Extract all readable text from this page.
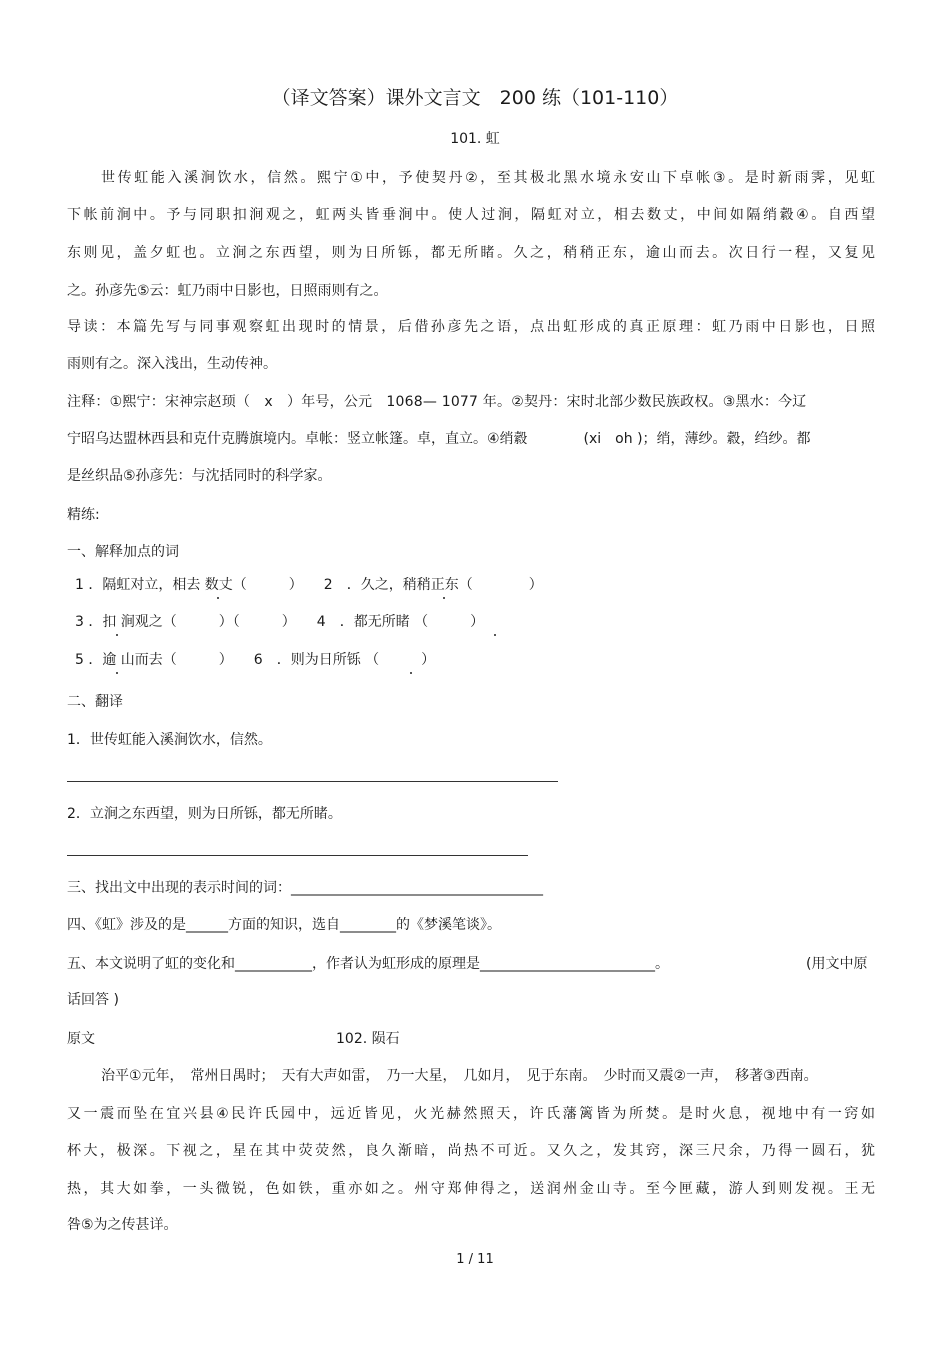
（译文答案）课外文言文　200 练（101-110）
101. 虹
世传虹能入溪涧饮水，信然。熙宁①中，予使契丹②，至其极北黑水境永安山下卓帐③。是时新雨霁，见虹
下帐前涧中。予与同职扣涧观之，虹两头皆垂涧中。使人过涧，隔虹对立，相去数丈，中间如隔绡縠④。自西望
东则见，盖夕虹也。立涧之东西望，则为日所铄，都无所睹。久之，稍稍正东，逾山而去。次日行一程，又复见
之。孙彦先⑤云：虹乃雨中日影也，日照雨则有之。
导读：本篇先写与同事观察虹出现时的情景，后借孙彦先之语，点出虹形成的真正原理：虹乃雨中日影也，日照
雨则有之。深入浅出，生动传神。
注释：①熙宁：宋神宗赵顼（　x　）年号，公元　1068— 1077 年。②契丹：宋时北部少数民族政权。③黑水：今辽
宁昭乌达盟林西县和克什克腾旗境内。卓帐：竖立帐篷。卓，直立。④绡縠　　　　(xi　oh )；绡，薄纱。縠，绉纱。都
是丝织品⑤孙彦先：与沈括同时的科学家。
精练:
一、解释加点的词
1 ．隔虹对立，相去 数丈（　　　）　　2　．久之，稍稍正东（　　　　）
3 ．扣 涧观之（　　　）（　　　）　　4　．都无所睹 （　　　）
5 ．逾 山而去（　　　）　　6　．则为日所铄 （　　　）
二、翻译
1．世传虹能入溪涧饮水，信然。
2．立涧之东西望，则为日所铄，都无所睹。
三、找出文中出现的表示时间的词：____________________________________
四、《虹》涉及的是______方面的知识，选自________的《梦溪笔谈》。
五、本文说明了虹的变化和___________，作者认为虹形成的原理是_________________________。	(用文中原
话回答 )
原文	102. 陨石
治平①元年，　常州日禺时；　天有大声如雷，　乃一大星，　几如月，　见于东南。　少时而又震②一声，　移著③西南。
又一震而坠在宜兴县④民许氏园中，远近皆见，火光赫然照天，许氏藩篱皆为所焚。是时火息，视地中有一窍如
杯大，极深。下视之，星在其中荧荧然，良久渐暗，尚热不可近。又久之，发其窍，深三尺余，乃得一圆石，犹
热，其大如拳，一头微锐，色如铁，重亦如之。州守郑伸得之，送润州金山寺。至今匣藏，游人到则发视。王无
咎⑤为之传甚详。
1 / 11
